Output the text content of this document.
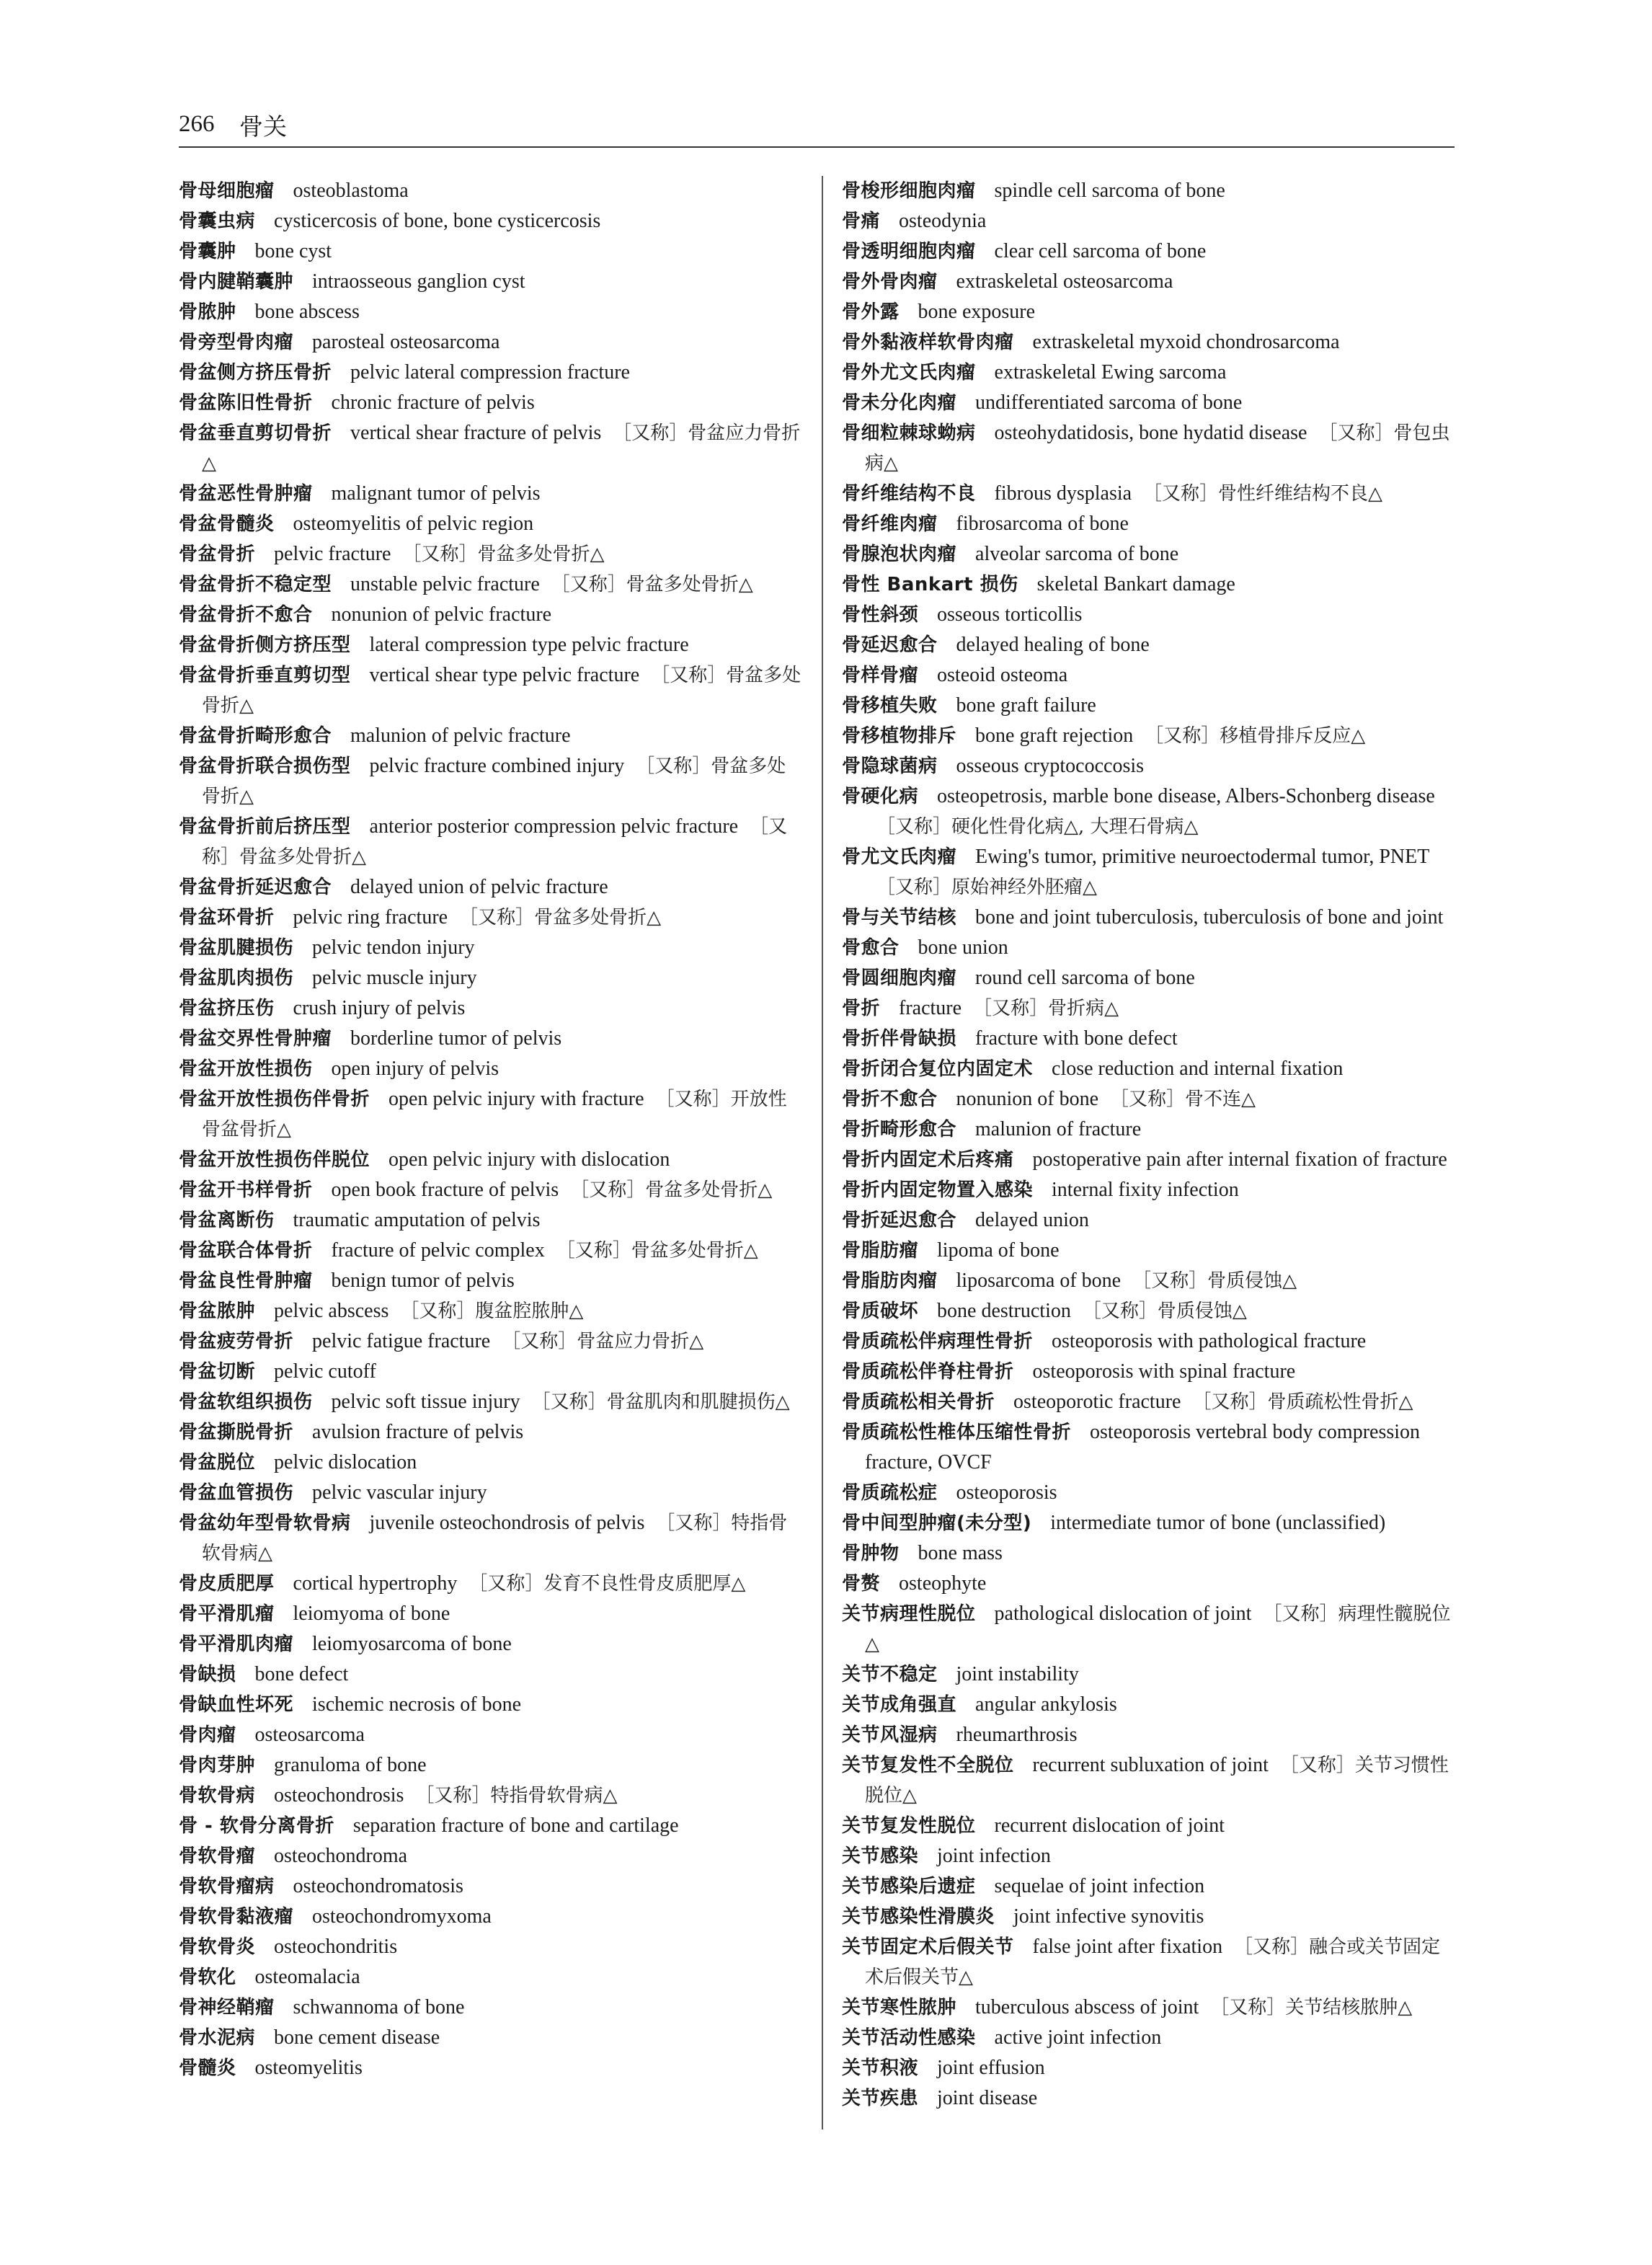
266 骨关
骨母细胞瘤 osteoblastoma
骨囊虫病 cysticercosis of bone, bone cysticercosis
骨囊肿 bone cyst
骨内腱鞘囊肿 intraosseous ganglion cyst
骨脓肿 bone abscess
骨旁型骨肉瘤 parosteal osteosarcoma
骨盆侧方挤压骨折 pelvic lateral compression fracture
骨盆陈旧性骨折 chronic fracture of pelvis
骨盆垂直剪切骨折 vertical shear fracture of pelvis ［又称］骨盆应力骨折△
骨盆恶性骨肿瘤 malignant tumor of pelvis
骨盆骨髓炎 osteomyelitis of pelvic region
骨盆骨折 pelvic fracture ［又称］骨盆多处骨折△
骨盆骨折不稳定型 unstable pelvic fracture ［又称］骨盆多处骨折△
骨盆骨折不愈合 nonunion of pelvic fracture
骨盆骨折侧方挤压型 lateral compression type pelvic fracture
骨盆骨折垂直剪切型 vertical shear type pelvic fracture ［又称］骨盆多处骨折△
骨盆骨折畸形愈合 malunion of pelvic fracture
骨盆骨折联合损伤型 pelvic fracture combined injury ［又称］骨盆多处骨折△
骨盆骨折前后挤压型 anterior posterior compression pelvic fracture ［又称］骨盆多处骨折△
骨盆骨折延迟愈合 delayed union of pelvic fracture
骨盆环骨折 pelvic ring fracture ［又称］骨盆多处骨折△
骨盆肌腱损伤 pelvic tendon injury
骨盆肌肉损伤 pelvic muscle injury
骨盆挤压伤 crush injury of pelvis
骨盆交界性骨肿瘤 borderline tumor of pelvis
骨盆开放性损伤 open injury of pelvis
骨盆开放性损伤伴骨折 open pelvic injury with fracture ［又称］开放性骨盆骨折△
骨盆开放性损伤伴脱位 open pelvic injury with dislocation
骨盆开书样骨折 open book fracture of pelvis ［又称］骨盆多处骨折△
骨盆离断伤 traumatic amputation of pelvis
骨盆联合体骨折 fracture of pelvic complex ［又称］骨盆多处骨折△
骨盆良性骨肿瘤 benign tumor of pelvis
骨盆脓肿 pelvic abscess ［又称］腹盆腔脓肿△
骨盆疲劳骨折 pelvic fatigue fracture ［又称］骨盆应力骨折△
骨盆切断 pelvic cutoff
骨盆软组织损伤 pelvic soft tissue injury ［又称］骨盆肌肉和肌腱损伤△
骨盆撕脱骨折 avulsion fracture of pelvis
骨盆脱位 pelvic dislocation
骨盆血管损伤 pelvic vascular injury
骨盆幼年型骨软骨病 juvenile osteochondrosis of pelvis ［又称］特指骨软骨病△
骨皮质肥厚 cortical hypertrophy ［又称］发育不良性骨皮质肥厚△
骨平滑肌瘤 leiomyoma of bone
骨平滑肌肉瘤 leiomyosarcoma of bone
骨缺损 bone defect
骨缺血性坏死 ischemic necrosis of bone
骨肉瘤 osteosarcoma
骨肉芽肿 granuloma of bone
骨软骨病 osteochondrosis ［又称］特指骨软骨病△
骨 - 软骨分离骨折 separation fracture of bone and cartilage
骨软骨瘤 osteochondroma
骨软骨瘤病 osteochondromatosis
骨软骨黏液瘤 osteochondromyxoma
骨软骨炎 osteochondritis
骨软化 osteomalacia
骨神经鞘瘤 schwannoma of bone
骨水泥病 bone cement disease
骨髓炎 osteomyelitis
骨梭形细胞肉瘤 spindle cell sarcoma of bone
骨痛 osteodynia
骨透明细胞肉瘤 clear cell sarcoma of bone
骨外骨肉瘤 extraskeletal osteosarcoma
骨外露 bone exposure
骨外黏液样软骨肉瘤 extraskeletal myxoid chondrosarcoma
骨外尤文氏肉瘤 extraskeletal Ewing sarcoma
骨未分化肉瘤 undifferentiated sarcoma of bone
骨细粒棘球蚴病 osteohydatidosis, bone hydatid disease ［又称］骨包虫病△
骨纤维结构不良 fibrous dysplasia ［又称］骨性纤维结构不良△
骨纤维肉瘤 fibrosarcoma of bone
骨腺泡状肉瘤 alveolar sarcoma of bone
骨性 Bankart 损伤 skeletal Bankart damage
骨性斜颈 osseous torticollis
骨延迟愈合 delayed healing of bone
骨样骨瘤 osteoid osteoma
骨移植失败 bone graft failure
骨移植物排斥 bone graft rejection ［又称］移植骨排斥反应△
骨隐球菌病 osseous cryptococcosis
骨硬化病 osteopetrosis, marble bone disease, Albers-Schonberg disease［又称］硬化性骨化病△, 大理石骨病△
骨尤文氏肉瘤 Ewing's tumor, primitive neuroectodermal tumor, PNET［又称］原始神经外胚瘤△
骨与关节结核 bone and joint tuberculosis, tuberculosis of bone and joint
骨愈合 bone union
骨圆细胞肉瘤 round cell sarcoma of bone
骨折 fracture ［又称］骨折病△
骨折伴骨缺损 fracture with bone defect
骨折闭合复位内固定术 close reduction and internal fixation
骨折不愈合 nonunion of bone ［又称］骨不连△
骨折畸形愈合 malunion of fracture
骨折内固定术后疼痛 postoperative pain after internal fixation of fracture
骨折内固定物置入感染 internal fixity infection
骨折延迟愈合 delayed union
骨脂肪瘤 lipoma of bone
骨脂肪肉瘤 liposarcoma of bone ［又称］骨质侵蚀△
骨质破坏 bone destruction ［又称］骨质侵蚀△
骨质疏松伴病理性骨折 osteoporosis with pathological fracture
骨质疏松伴脊柱骨折 osteoporosis with spinal fracture
骨质疏松相关骨折 osteoporotic fracture ［又称］骨质疏松性骨折△
骨质疏松性椎体压缩性骨折 osteoporosis vertebral body compression fracture, OVCF
骨质疏松症 osteoporosis
骨中间型肿瘤(未分型) intermediate tumor of bone (unclassified)
骨肿物 bone mass
骨赘 osteophyte
关节病理性脱位 pathological dislocation of joint ［又称］病理性髋脱位△
关节不稳定 joint instability
关节成角强直 angular ankylosis
关节风湿病 rheumarthrosis
关节复发性不全脱位 recurrent subluxation of joint ［又称］关节习惯性脱位△
关节复发性脱位 recurrent dislocation of joint
关节感染 joint infection
关节感染后遗症 sequelae of joint infection
关节感染性滑膜炎 joint infective synovitis
关节固定术后假关节 false joint after fixation ［又称］融合或关节固定术后假关节△
关节寒性脓肿 tuberculous abscess of joint ［又称］关节结核脓肿△
关节活动性感染 active joint infection
关节积液 joint effusion
关节疾患 joint disease
